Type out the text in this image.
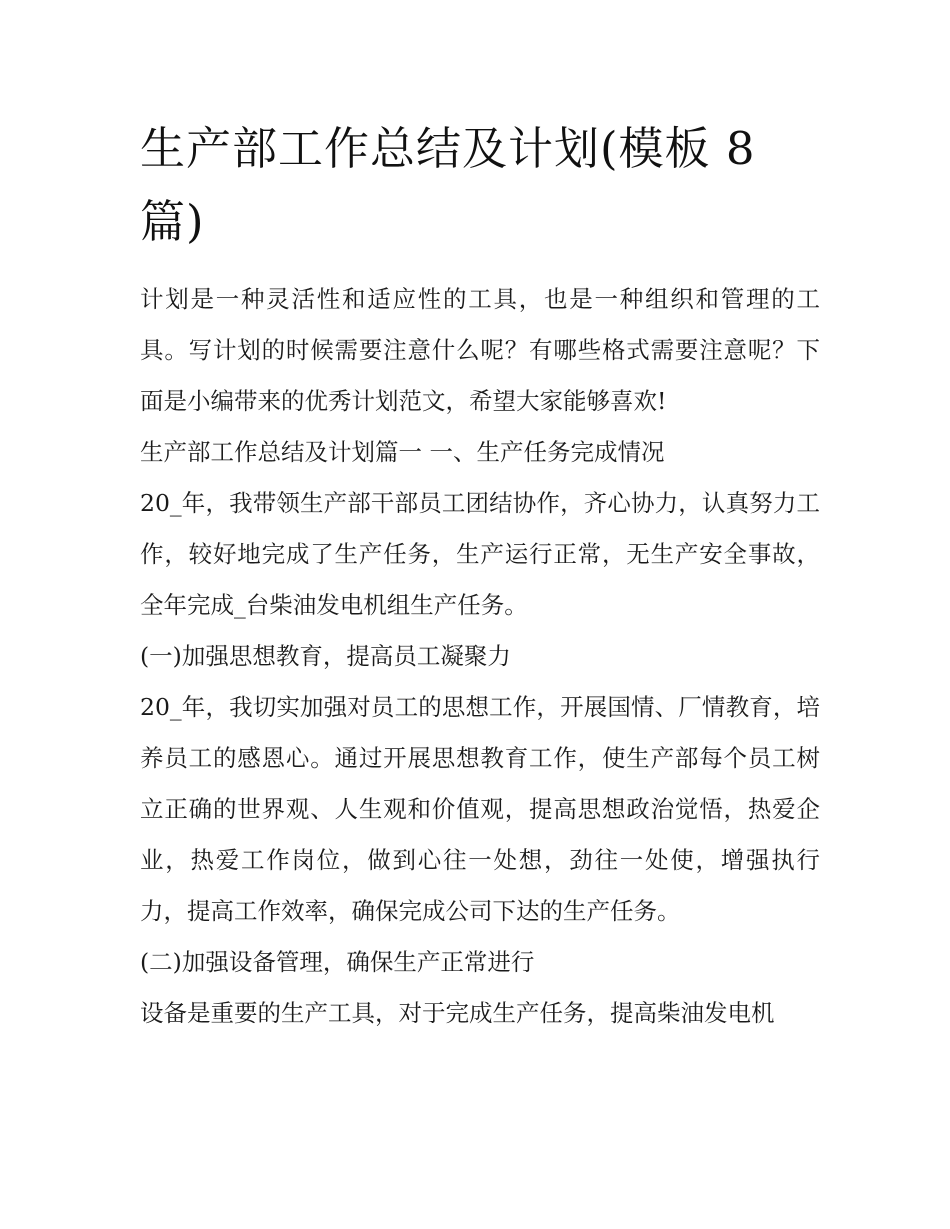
生产部工作总结及计划(模板 8 篇)

计划是一种灵活性和适应性的工具，也是一种组织和管理的工具。写计划的时候需要注意什么呢？有哪些格式需要注意呢？下面是小编带来的优秀计划范文，希望大家能够喜欢!

生产部工作总结及计划篇一 一、生产任务完成情况

20_年，我带领生产部干部员工团结协作，齐心协力，认真努力工作，较好地完成了生产任务，生产运行正常，无生产安全事故，全年完成_台柴油发电机组生产任务。

(一)加强思想教育，提高员工凝聚力

20_年，我切实加强对员工的思想工作，开展国情、厂情教育，培养员工的感恩心。通过开展思想教育工作，使生产部每个员工树立正确的世界观、人生观和价值观，提高思想政治觉悟，热爱企业，热爱工作岗位，做到心往一处想，劲往一处使，增强执行力，提高工作效率，确保完成公司下达的生产任务。

(二)加强设备管理，确保生产正常进行

设备是重要的生产工具，对于完成生产任务，提高柴油发电机
